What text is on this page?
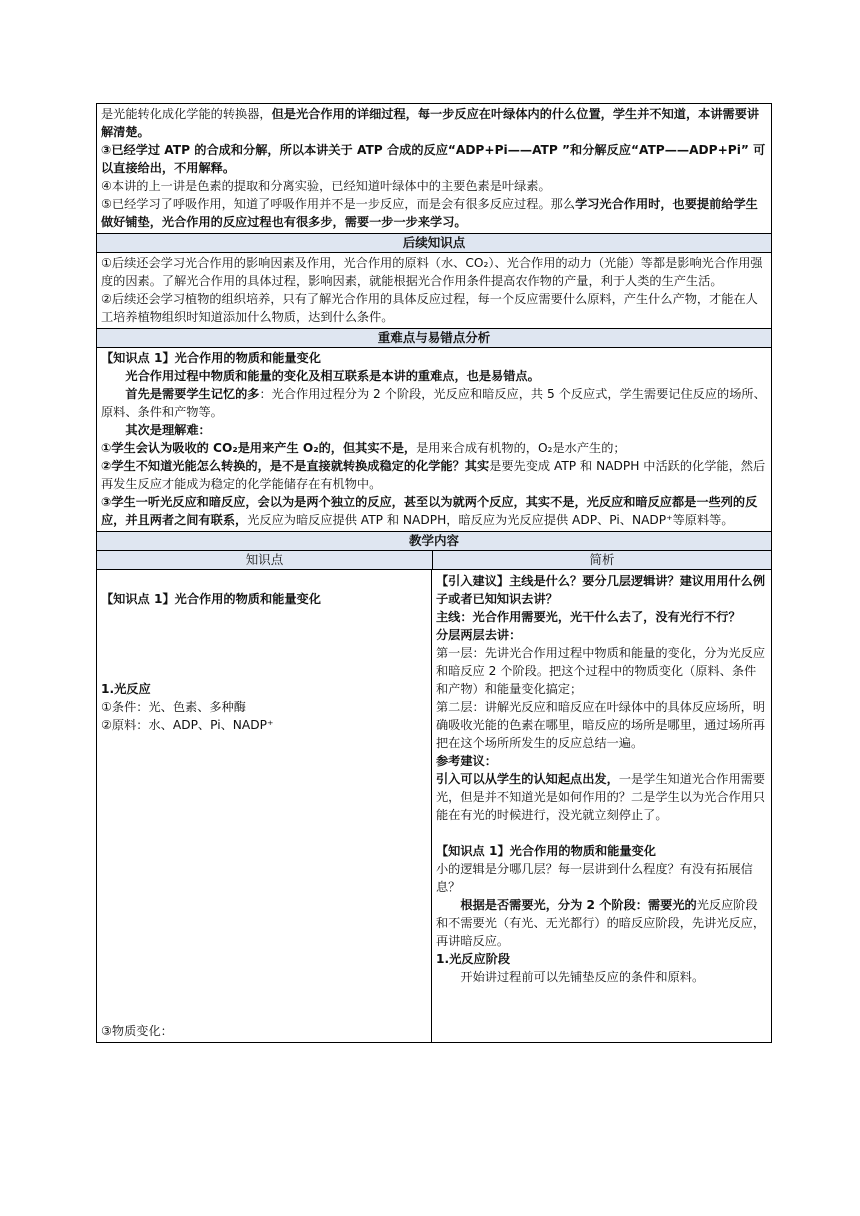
是光能转化成化学能的转换器，但是光合作用的详细过程，每一步反应在叶绿体内的什么位置，学生并不知道，本讲需要讲解清楚。

③已经学过 ATP 的合成和分解，所以本讲关于 ATP 合成的反应“ADP+Pi——ATP ”和分解反应“ATP——ADP+Pi” 可以直接给出，不用解释。

④本讲的上一讲是色素的提取和分离实验，已经知道叶绿体中的主要色素是叶绿素。

⑤已经学习了呼吸作用，知道了呼吸作用并不是一步反应，而是会有很多反应过程。那么学习光合作用时，也要提前给学生做好铺垫，光合作用的反应过程也有很多步，需要一步一步来学习。

后续知识点

①后续还会学习光合作用的影响因素及作用，光合作用的原料（水、CO₂）、光合作用的动力（光能）等都是影响光合作用强度的因素。了解光合作用的具体过程，影响因素，就能根据光合作用条件提高农作物的产量，利于人类的生产生活。

②后续还会学习植物的组织培养，只有了解光合作用的具体反应过程，每一个反应需要什么原料，产生什么产物，才能在人工培养植物组织时知道添加什么物质，达到什么条件。

重难点与易错点分析

【知识点 1】光合作用的物质和能量变化

光合作用过程中物质和能量的变化及相互联系是本讲的重难点，也是易错点。

首先是需要学生记忆的多：光合作用过程分为 2 个阶段，光反应和暗反应，共 5 个反应式，学生需要记住反应的场所、原料、条件和产物等。

其次是理解难：

①学生会认为吸收的 CO₂是用来产生 O₂的，但其实不是，是用来合成有机物的，O₂是水产生的；

②学生不知道光能怎么转换的，是不是直接就转换成稳定的化学能？其实是要先变成 ATP 和 NADPH 中活跃的化学能，然后再发生反应才能成为稳定的化学能储存在有机物中。

③学生一听光反应和暗反应，会以为是两个独立的反应，甚至以为就两个反应，其实不是，光反应和暗反应都是一些列的反应，并且两者之间有联系，光反应为暗反应提供 ATP 和 NADPH，暗反应为光反应提供 ADP、Pi、NADP⁺等原料等。

教学内容
知识点	简析

【知识点 1】光合作用的物质和能量变化

1.光反应

①条件：光、色素、多种酶

②原料：水、ADP、Pi、NADP⁺

③物质变化：

【引入建议】主线是什么？要分几层逻辑讲？建议用用什么例子或者已知知识去讲？

主线：光合作用需要光，光干什么去了，没有光行不行？

分层两层去讲：

第一层：先讲光合作用过程中物质和能量的变化，分为光反应和暗反应 2 个阶段。把这个过程中的物质变化（原料、条件和产物）和能量变化搞定；

第二层：讲解光反应和暗反应在叶绿体中的具体反应场所，明确吸收光能的色素在哪里，暗反应的场所是哪里，通过场所再把在这个场所所发生的反应总结一遍。

参考建议：

引入可以从学生的认知起点出发，一是学生知道光合作用需要光，但是并不知道光是如何作用的？二是学生以为光合作用只能在有光的时候进行，没光就立刻停止了。

【知识点 1】光合作用的物质和能量变化

小的逻辑是分哪几层？每一层讲到什么程度？有没有拓展信息？

根据是否需要光，分为 2 个阶段：需要光的光反应阶段和不需要光（有光、无光都行）的暗反应阶段，先讲光反应，再讲暗反应。

1.光反应阶段

开始讲过程前可以先铺垫反应的条件和原料。
